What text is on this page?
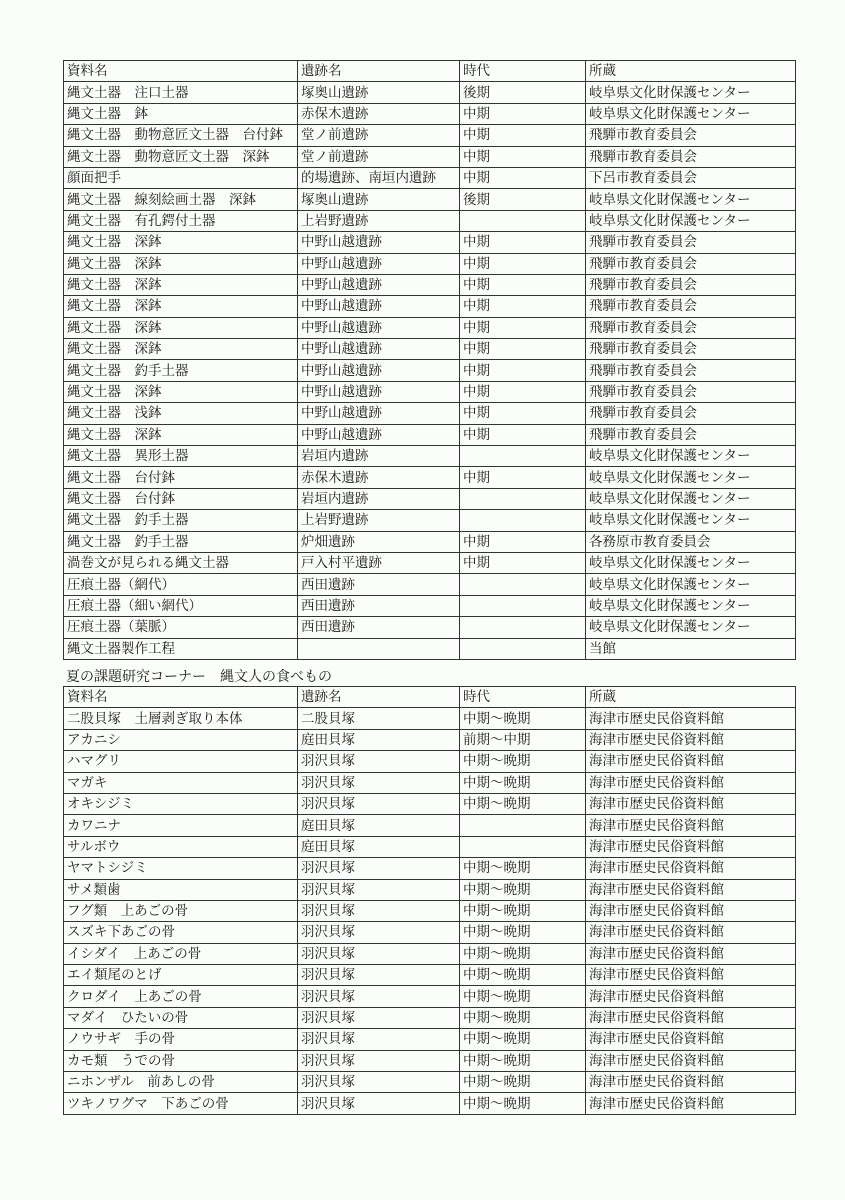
資料名	遺跡名	時代	所蔵
縄文土器　注口土器	塚奥山遺跡	後期	岐阜県文化財保護センター
縄文土器　鉢	赤保木遺跡	中期	岐阜県文化財保護センター
縄文土器　動物意匠文土器　台付鉢	堂ノ前遺跡	中期	飛騨市教育委員会
縄文土器　動物意匠文土器　深鉢	堂ノ前遺跡	中期	飛騨市教育委員会
顔面把手	的場遺跡、南垣内遺跡	中期	下呂市教育委員会
縄文土器　線刻絵画土器　深鉢	塚奥山遺跡	後期	岐阜県文化財保護センター
縄文土器　有孔鍔付土器	上岩野遺跡		岐阜県文化財保護センター
縄文土器　深鉢	中野山越遺跡	中期	飛騨市教育委員会
縄文土器　深鉢	中野山越遺跡	中期	飛騨市教育委員会
縄文土器　深鉢	中野山越遺跡	中期	飛騨市教育委員会
縄文土器　深鉢	中野山越遺跡	中期	飛騨市教育委員会
縄文土器　深鉢	中野山越遺跡	中期	飛騨市教育委員会
縄文土器　深鉢	中野山越遺跡	中期	飛騨市教育委員会
縄文土器　釣手土器	中野山越遺跡	中期	飛騨市教育委員会
縄文土器　深鉢	中野山越遺跡	中期	飛騨市教育委員会
縄文土器　浅鉢	中野山越遺跡	中期	飛騨市教育委員会
縄文土器　深鉢	中野山越遺跡	中期	飛騨市教育委員会
縄文土器　異形土器	岩垣内遺跡		岐阜県文化財保護センター
縄文土器　台付鉢	赤保木遺跡	中期	岐阜県文化財保護センター
縄文土器　台付鉢	岩垣内遺跡		岐阜県文化財保護センター
縄文土器　釣手土器	上岩野遺跡		岐阜県文化財保護センター
縄文土器　釣手土器	炉畑遺跡	中期	各務原市教育委員会
渦巻文が見られる縄文土器	戸入村平遺跡	中期	岐阜県文化財保護センター
圧痕土器（網代）	西田遺跡		岐阜県文化財保護センター
圧痕土器（細い網代）	西田遺跡		岐阜県文化財保護センター
圧痕土器（葉脈）	西田遺跡		岐阜県文化財保護センター
縄文土器製作工程			当館
夏の課題研究コーナー　縄文人の食べもの
資料名	遺跡名	時代	所蔵
二股貝塚　土層剥ぎ取り本体	二股貝塚	中期～晩期	海津市歴史民俗資料館
アカニシ	庭田貝塚	前期～中期	海津市歴史民俗資料館
ハマグリ	羽沢貝塚	中期～晩期	海津市歴史民俗資料館
マガキ	羽沢貝塚	中期～晩期	海津市歴史民俗資料館
オキシジミ	羽沢貝塚	中期～晩期	海津市歴史民俗資料館
カワニナ	庭田貝塚		海津市歴史民俗資料館
サルボウ	庭田貝塚		海津市歴史民俗資料館
ヤマトシジミ	羽沢貝塚	中期～晩期	海津市歴史民俗資料館
サメ類歯	羽沢貝塚	中期～晩期	海津市歴史民俗資料館
フグ類　上あごの骨	羽沢貝塚	中期～晩期	海津市歴史民俗資料館
スズキ下あごの骨	羽沢貝塚	中期～晩期	海津市歴史民俗資料館
イシダイ　上あごの骨	羽沢貝塚	中期～晩期	海津市歴史民俗資料館
エイ類尾のとげ	羽沢貝塚	中期～晩期	海津市歴史民俗資料館
クロダイ　上あごの骨	羽沢貝塚	中期～晩期	海津市歴史民俗資料館
マダイ　ひたいの骨	羽沢貝塚	中期～晩期	海津市歴史民俗資料館
ノウサギ　手の骨	羽沢貝塚	中期～晩期	海津市歴史民俗資料館
カモ類　うでの骨	羽沢貝塚	中期～晩期	海津市歴史民俗資料館
ニホンザル　前あしの骨	羽沢貝塚	中期～晩期	海津市歴史民俗資料館
ツキノワグマ　下あごの骨	羽沢貝塚	中期～晩期	海津市歴史民俗資料館
